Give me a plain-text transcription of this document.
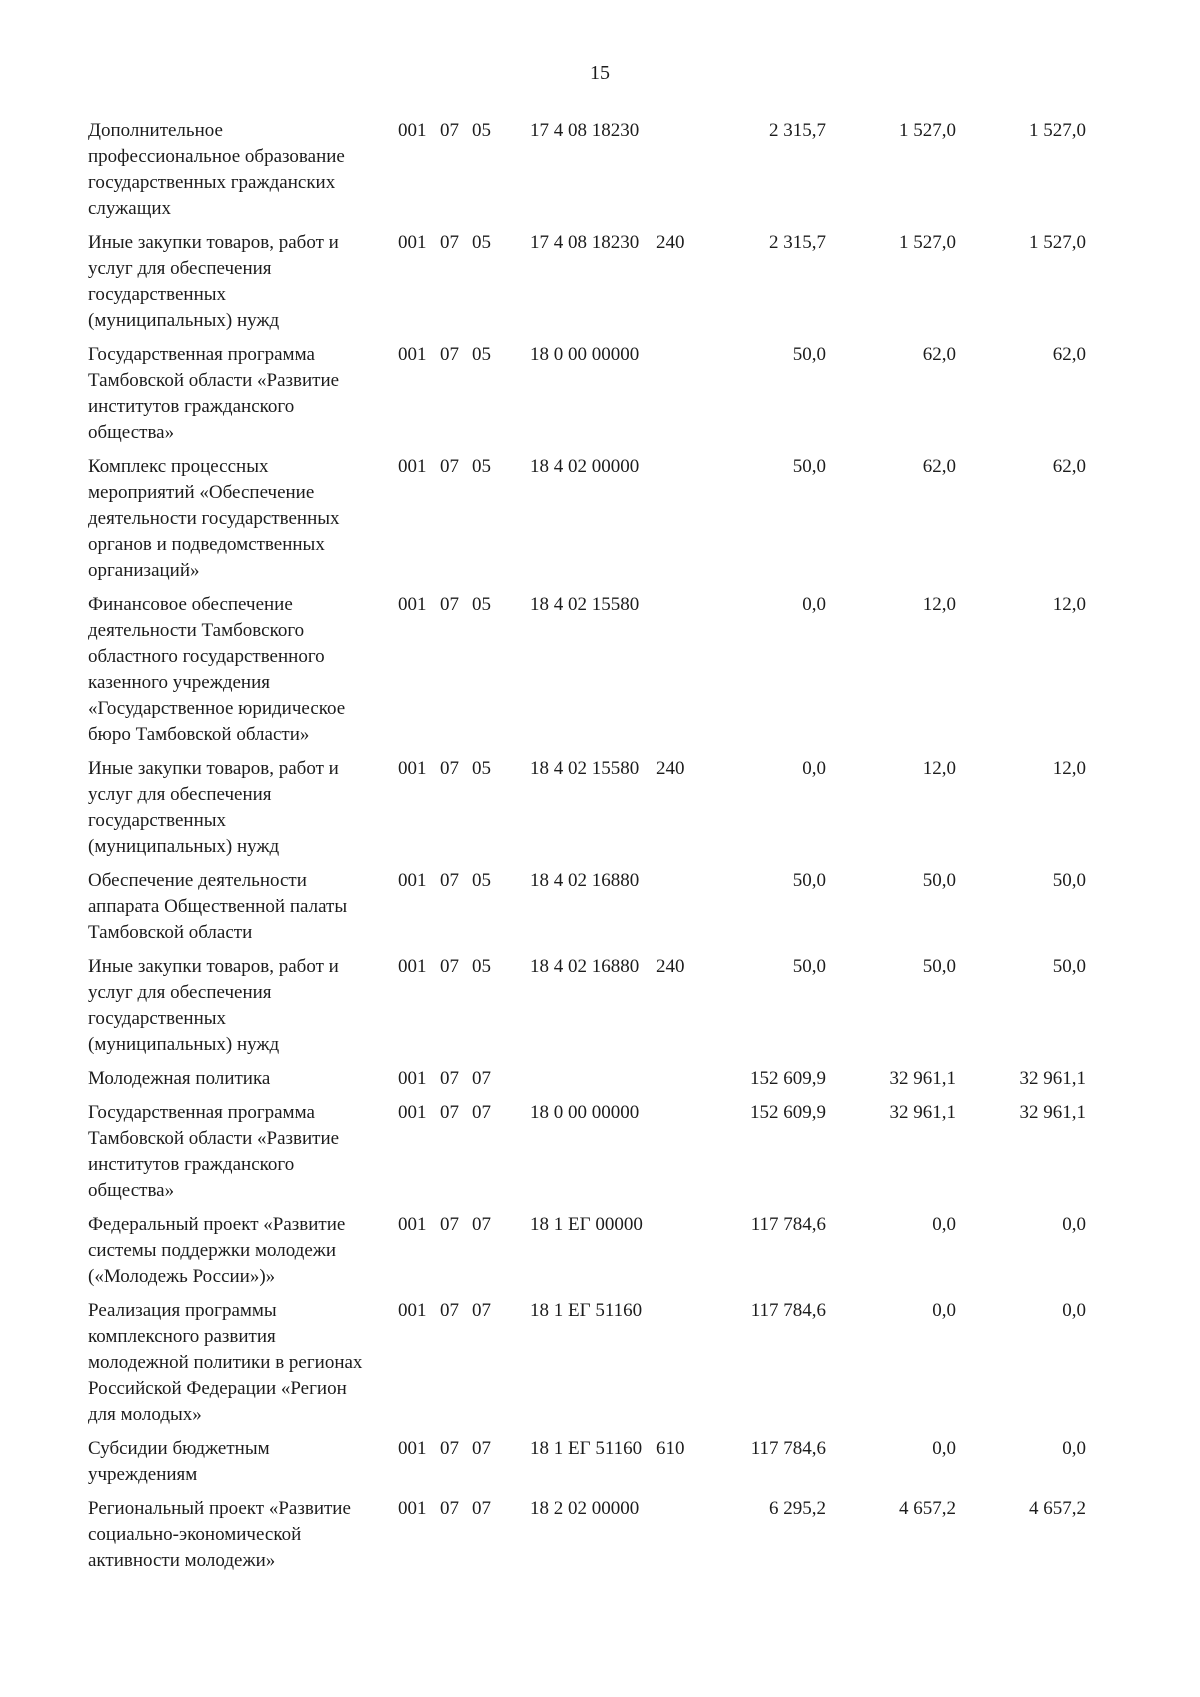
15
Дополнительное профессиональное образование государственных гражданских служащих	001	07	05	17 4 08 18230		2 315,7	1 527,0	1 527,0
Иные закупки товаров, работ и услуг для обеспечения государственных (муниципальных) нужд	001	07	05	17 4 08 18230	240	2 315,7	1 527,0	1 527,0
Государственная программа Тамбовской области «Развитие институтов гражданского общества»	001	07	05	18 0 00 00000		50,0	62,0	62,0
Комплекс процессных мероприятий «Обеспечение деятельности государственных органов и подведомственных организаций»	001	07	05	18 4 02 00000		50,0	62,0	62,0
Финансовое обеспечение деятельности Тамбовского областного государственного казенного учреждения «Государственное юридическое бюро Тамбовской области»	001	07	05	18 4 02 15580		0,0	12,0	12,0
Иные закупки товаров, работ и услуг для обеспечения государственных (муниципальных) нужд	001	07	05	18 4 02 15580	240	0,0	12,0	12,0
Обеспечение деятельности аппарата Общественной палаты Тамбовской области	001	07	05	18 4 02 16880		50,0	50,0	50,0
Иные закупки товаров, работ и услуг для обеспечения государственных (муниципальных) нужд	001	07	05	18 4 02 16880	240	50,0	50,0	50,0
Молодежная политика	001	07	07			152 609,9	32 961,1	32 961,1
Государственная программа Тамбовской области «Развитие институтов гражданского общества»	001	07	07	18 0 00 00000		152 609,9	32 961,1	32 961,1
Федеральный проект «Развитие системы поддержки молодежи («Молодежь России»)»	001	07	07	18 1 ЕГ 00000		117 784,6	0,0	0,0
Реализация программы комплексного развития молодежной политики в регионах Российской Федерации «Регион для молодых»	001	07	07	18 1 ЕГ 51160		117 784,6	0,0	0,0
Субсидии бюджетным учреждениям	001	07	07	18 1 ЕГ 51160	610	117 784,6	0,0	0,0
Региональный проект «Развитие социально-экономической активности молодежи»	001	07	07	18 2 02 00000		6 295,2	4 657,2	4 657,2
